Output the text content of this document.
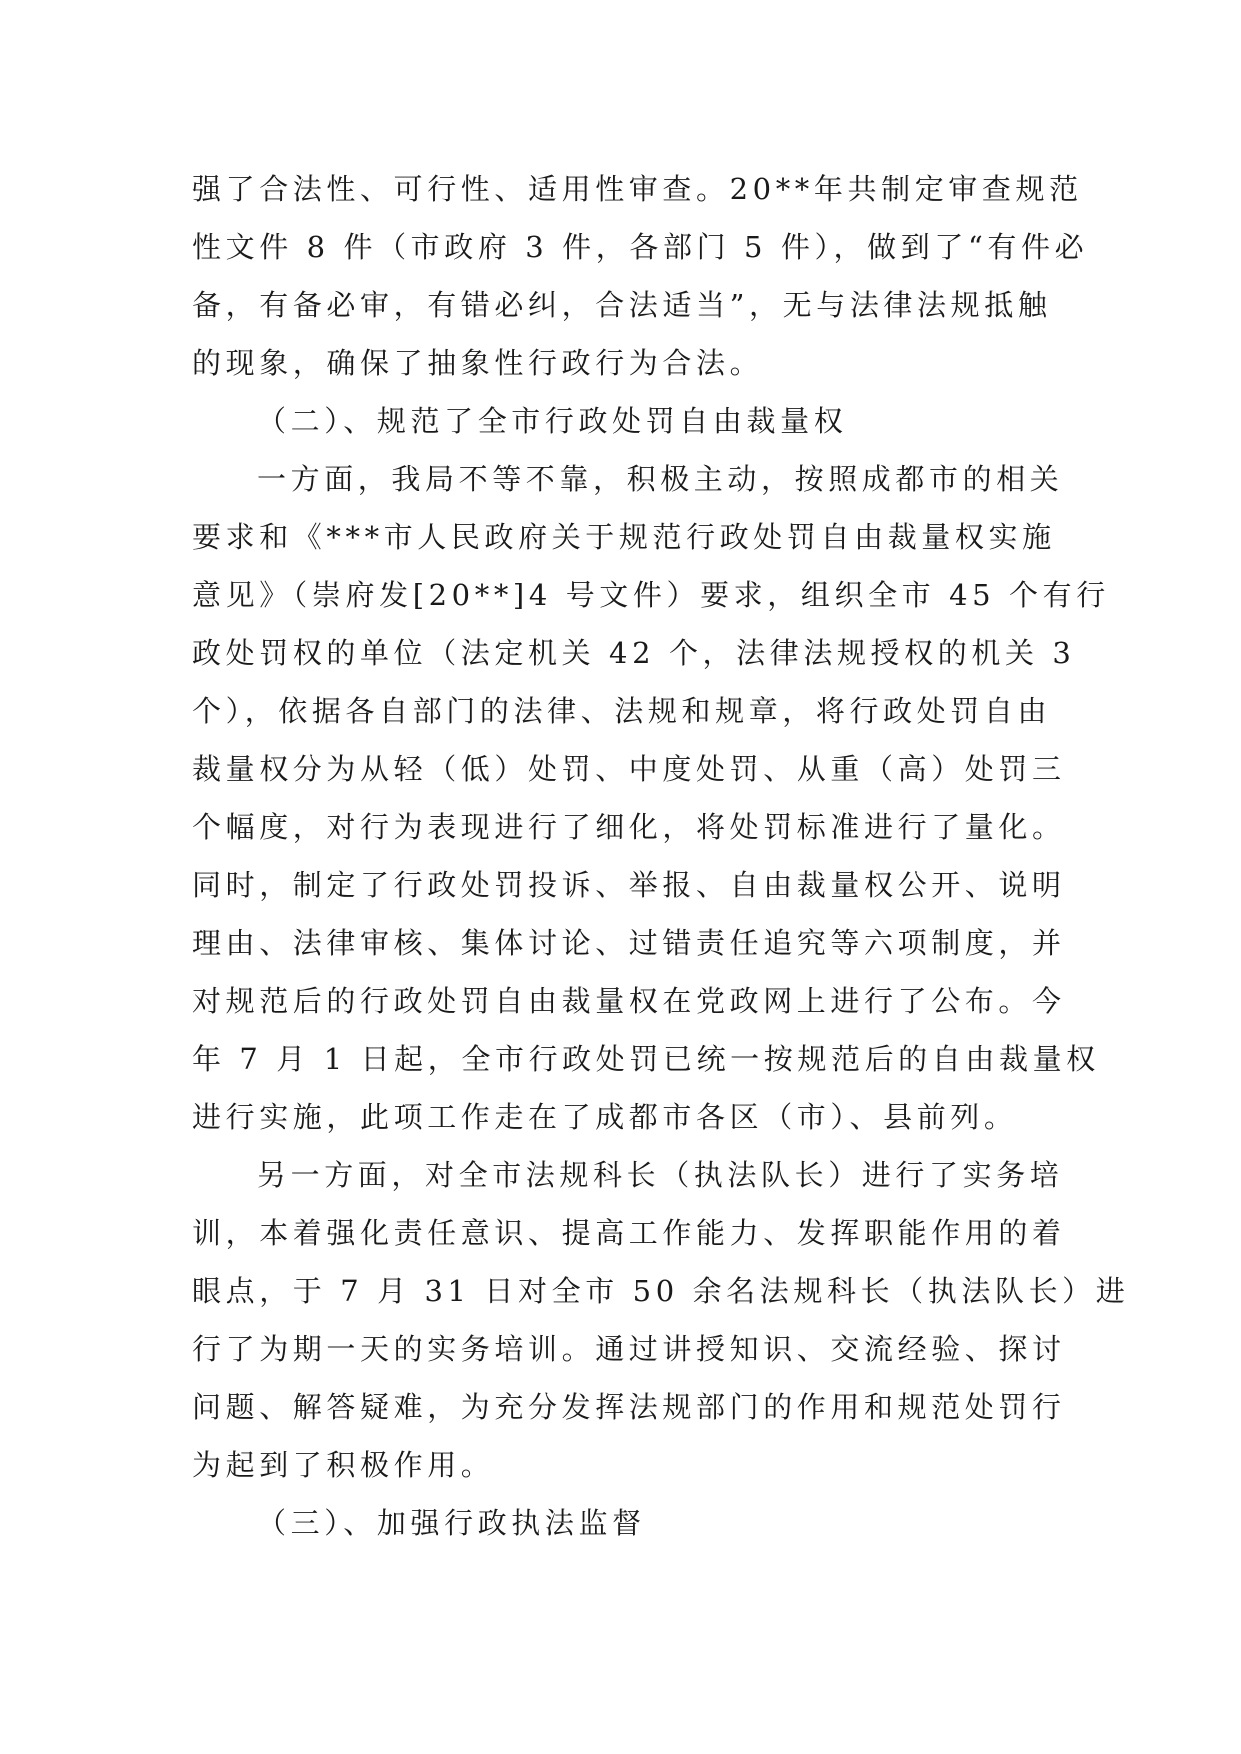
强了合法性、可行性、适用性审查。20**年共制定审查规范
性文件 8 件（市政府 3 件，各部门 5 件），做到了“有件必
备，有备必审，有错必纠，合法适当”，无与法律法规抵触
的现象，确保了抽象性行政行为合法。
（二）、规范了全市行政处罚自由裁量权
一方面，我局不等不靠，积极主动，按照成都市的相关
要求和《***市人民政府关于规范行政处罚自由裁量权实施
意见》（崇府发[20**]4 号文件）要求，组织全市 45 个有行
政处罚权的单位（法定机关 42 个，法律法规授权的机关 3
个），依据各自部门的法律、法规和规章，将行政处罚自由
裁量权分为从轻（低）处罚、中度处罚、从重（高）处罚三
个幅度，对行为表现进行了细化，将处罚标准进行了量化。
同时，制定了行政处罚投诉、举报、自由裁量权公开、说明
理由、法律审核、集体讨论、过错责任追究等六项制度，并
对规范后的行政处罚自由裁量权在党政网上进行了公布。今
年 7 月 1 日起，全市行政处罚已统一按规范后的自由裁量权
进行实施，此项工作走在了成都市各区（市）、县前列。
另一方面，对全市法规科长（执法队长）进行了实务培
训，本着强化责任意识、提高工作能力、发挥职能作用的着
眼点，于 7 月 31 日对全市 50 余名法规科长（执法队长）进
行了为期一天的实务培训。通过讲授知识、交流经验、探讨
问题、解答疑难，为充分发挥法规部门的作用和规范处罚行
为起到了积极作用。
（三）、加强行政执法监督
